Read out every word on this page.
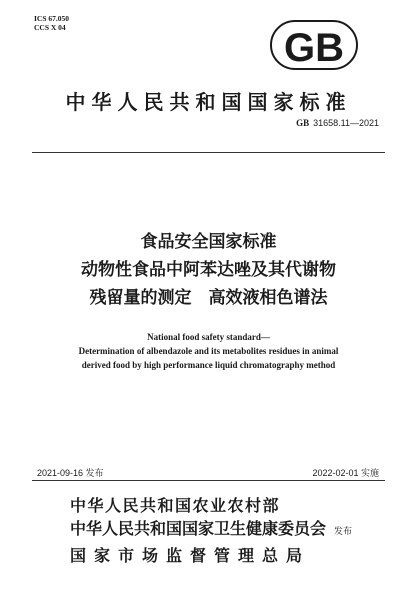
ICS 67.050
CCS X 04	GB
中华人民共和国国家标准
GB 31658.11—2021
食品安全国家标准
动物性食品中阿苯达唑及其代谢物
残留量的测定　高效液相色谱法
National food safety standard—
Determination of albendazole and its metabolites residues in animal
derived food by high performance liquid chromatography method
2021-09-16 发布	2022-02-01 实施
中华人民共和国农业农村部
中华人民共和国国家卫生健康委员会 发布
国家市场监督管理总局
